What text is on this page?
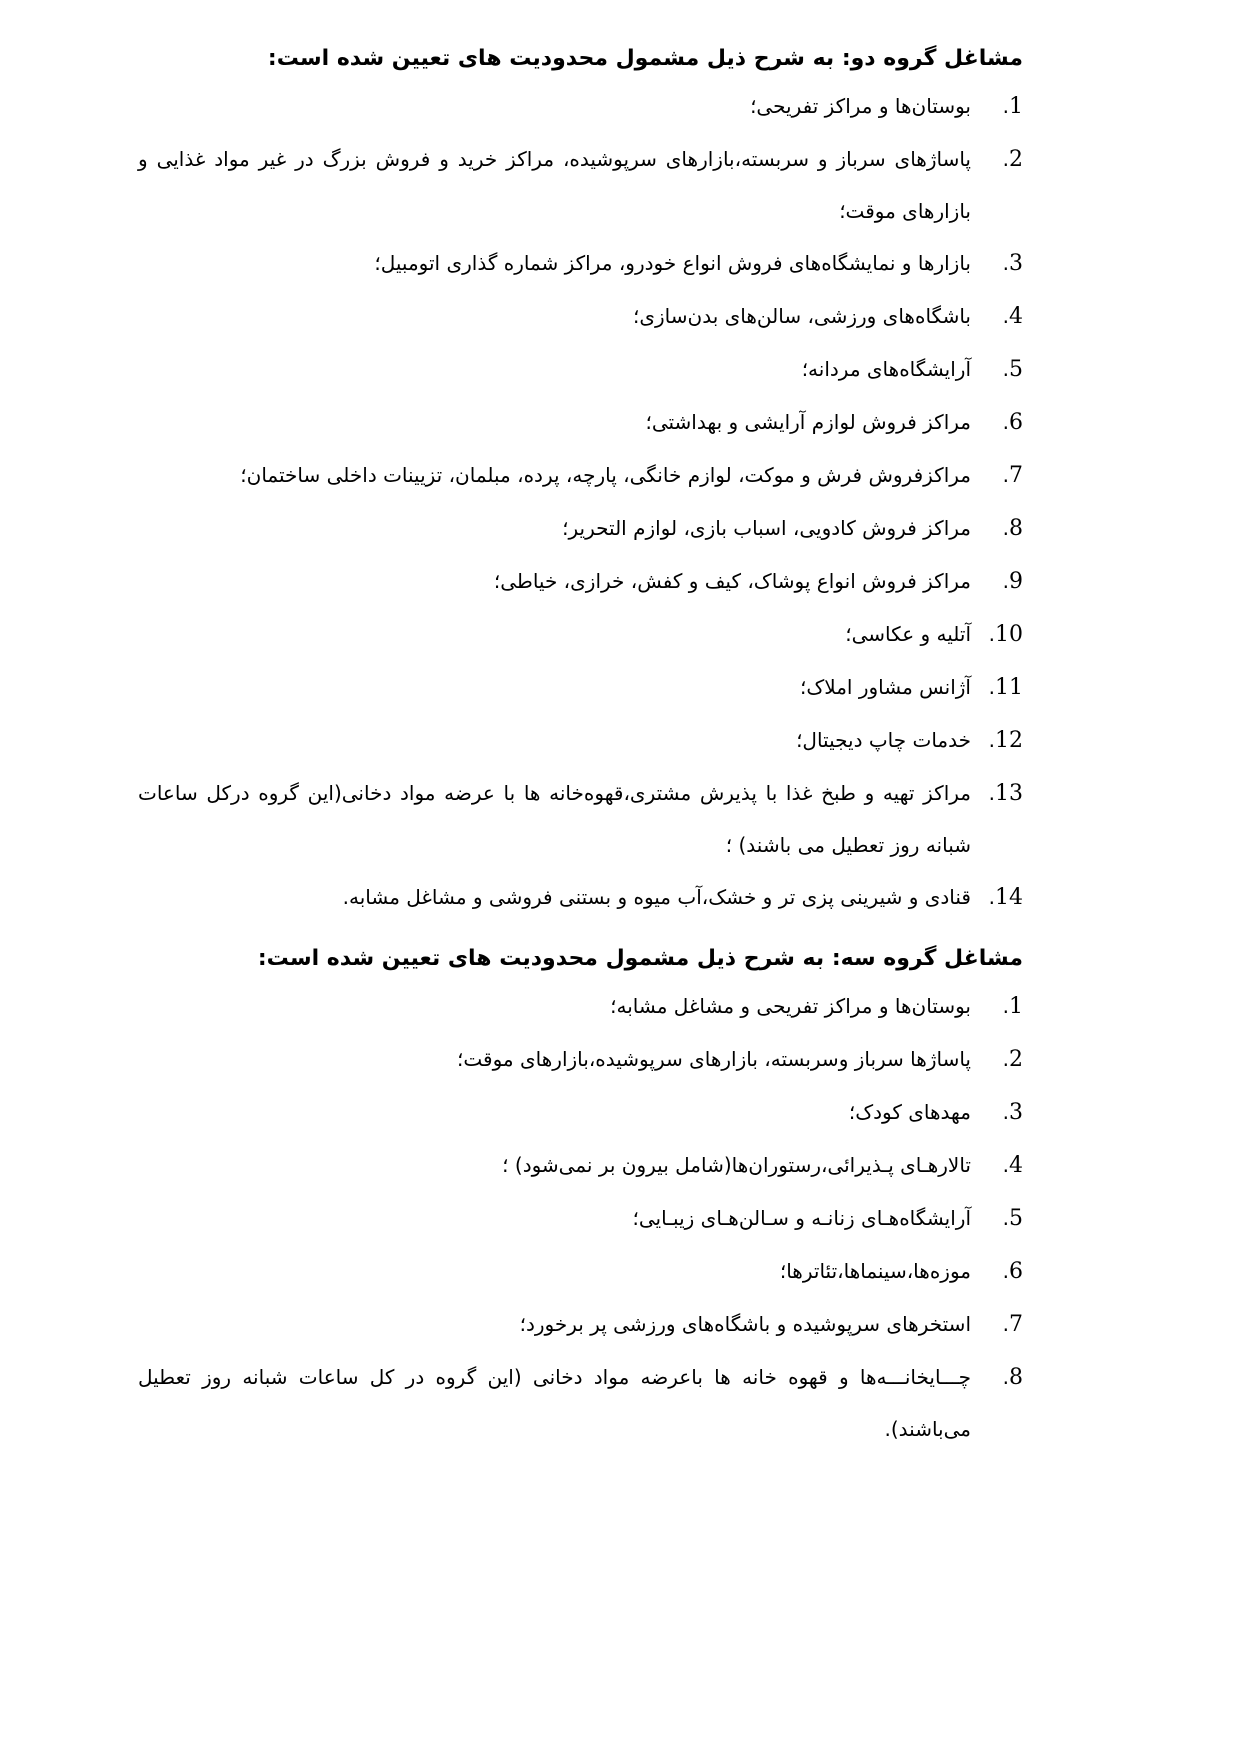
مشاغل گروه دو: به شرح ذیل مشمول محدودیت های تعیین شده است:
1.
بوستان‌ها و مراکز تفریحی؛
2.
پاساژهای سرباز و سربسته،بازارهای سرپوشیده، مراکز خرید و فروش بزرگ در غیر مواد غذایی و بازارهای موقت؛
3.
بازارها و نمایشگاه‌های فروش انواع خودرو، مراکز شماره گذاری اتومبیل؛
4.
باشگاه‌های ورزشی، سالن‌های بدن‌سازی؛
5.
آرایشگاه‌های مردانه؛
6.
مراکز فروش لوازم آرایشی و بهداشتی؛
7.
مراکزفروش فرش و موکت، لوازم خانگی، پارچه، پرده، مبلمان، تزیینات داخلی ساختمان؛
8.
مراکز فروش کادویی، اسباب بازی، لوازم التحریر؛
9.
مراکز فروش انواع پوشاک، کیف و کفش، خرازی، خیاطی؛
10.
آتلیه و عکاسی؛
11.
آژانس مشاور املاک؛
12.
خدمات چاپ دیجیتال؛
13.
مراکز تهیه و طبخ غذا با پذیرش مشتری،قهوه‌خانه ها با عرضه مواد دخانی(این گروه درکل ساعات شبانه روز تعطیل می باشند) ؛
14.
قنادی و شیرینی پزی تر و خشک،آب میوه و بستنی فروشی و مشاغل مشابه.
مشاغل گروه سه: به شرح ذیل مشمول محدودیت های تعیین شده است:
1.
بوستان‌ها و مراکز تفریحی و مشاغل مشابه؛
2.
پاساژها سرباز وسربسته، بازارهای سرپوشیده،بازارهای موقت؛
3.
مهدهای کودک؛
4.
تالارهـای پـذیرائی،رستوران‌ها(شامل بیرون بر نمی‌شود) ؛
5.
آرایشگاه‌هـای زنانـه و سـالن‌هـای زیبـایی؛
6.
موزه‌ها،سینماها،تئاترها؛
7.
استخرهای سرپوشیده و باشگاه‌های ورزشی پر برخورد؛
8.
چـــایخانـــه‌ها و قهوه خانه ها باعرضه مواد دخانی (این گروه در کل ساعات شبانه روز تعطیل می‌باشند).
